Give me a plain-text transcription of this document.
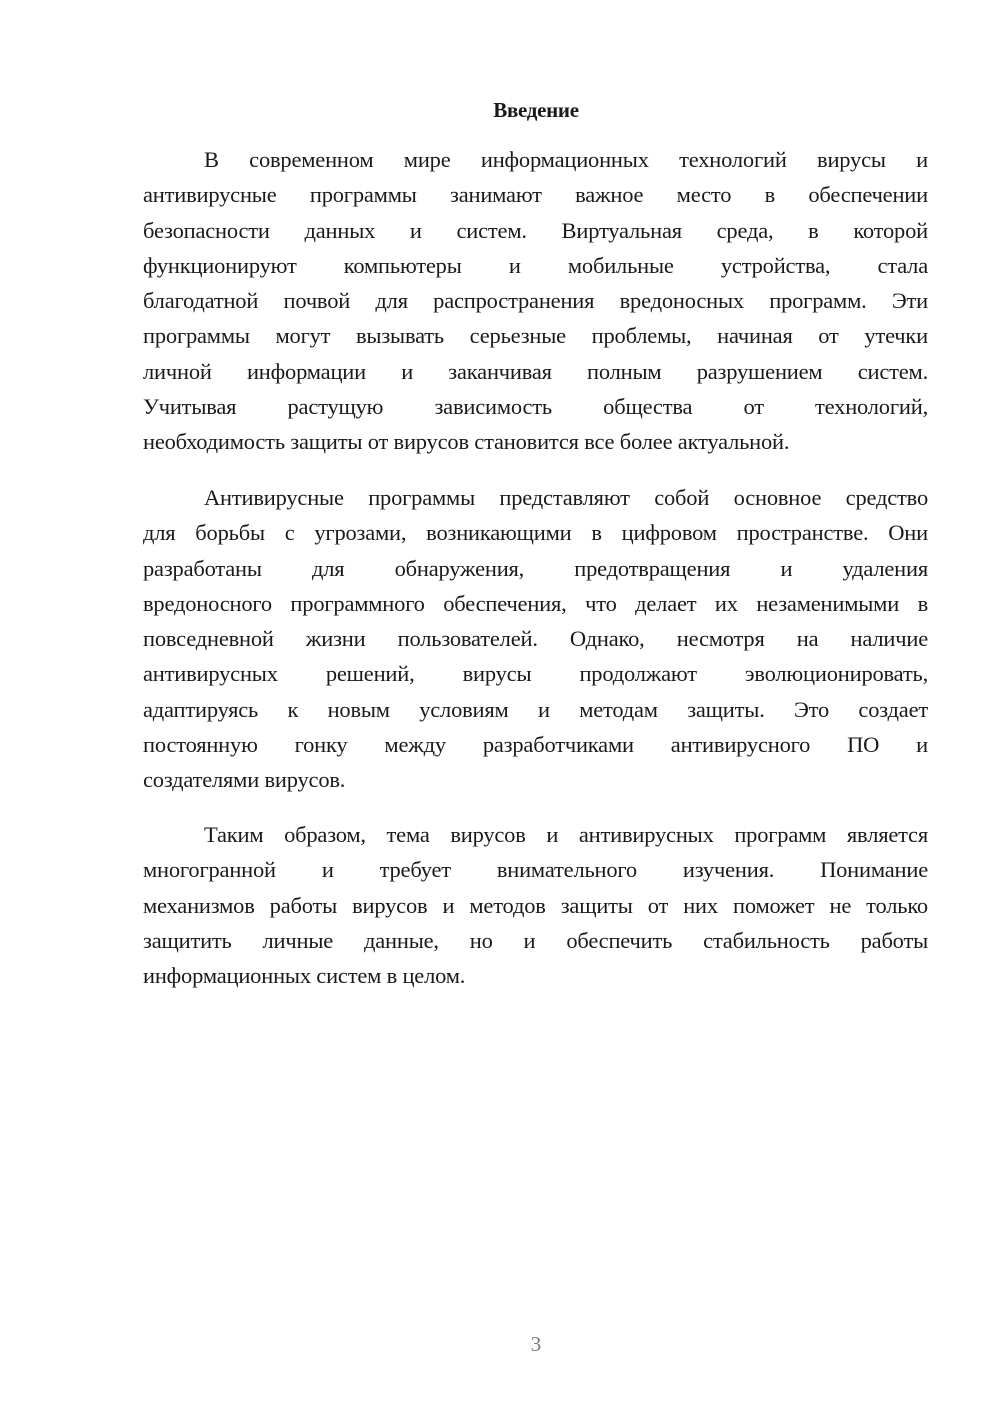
Введение
В современном мире информационных технологий вирусы и
антивирусные программы занимают важное место в обеспечении
безопасности данных и систем. Виртуальная среда, в которой
функционируют компьютеры и мобильные устройства, стала
благодатной почвой для распространения вредоносных программ. Эти
программы могут вызывать серьезные проблемы, начиная от утечки
личной информации и заканчивая полным разрушением систем.
Учитывая растущую зависимость общества от технологий,
необходимость защиты от вирусов становится все более актуальной.
Антивирусные программы представляют собой основное средство
для борьбы с угрозами, возникающими в цифровом пространстве. Они
разработаны для обнаружения, предотвращения и удаления
вредоносного программного обеспечения, что делает их незаменимыми в
повседневной жизни пользователей. Однако, несмотря на наличие
антивирусных решений, вирусы продолжают эволюционировать,
адаптируясь к новым условиям и методам защиты. Это создает
постоянную гонку между разработчиками антивирусного ПО и
создателями вирусов.
Таким образом, тема вирусов и антивирусных программ является
многогранной и требует внимательного изучения. Понимание
механизмов работы вирусов и методов защиты от них поможет не только
защитить личные данные, но и обеспечить стабильность работы
информационных систем в целом.
3
